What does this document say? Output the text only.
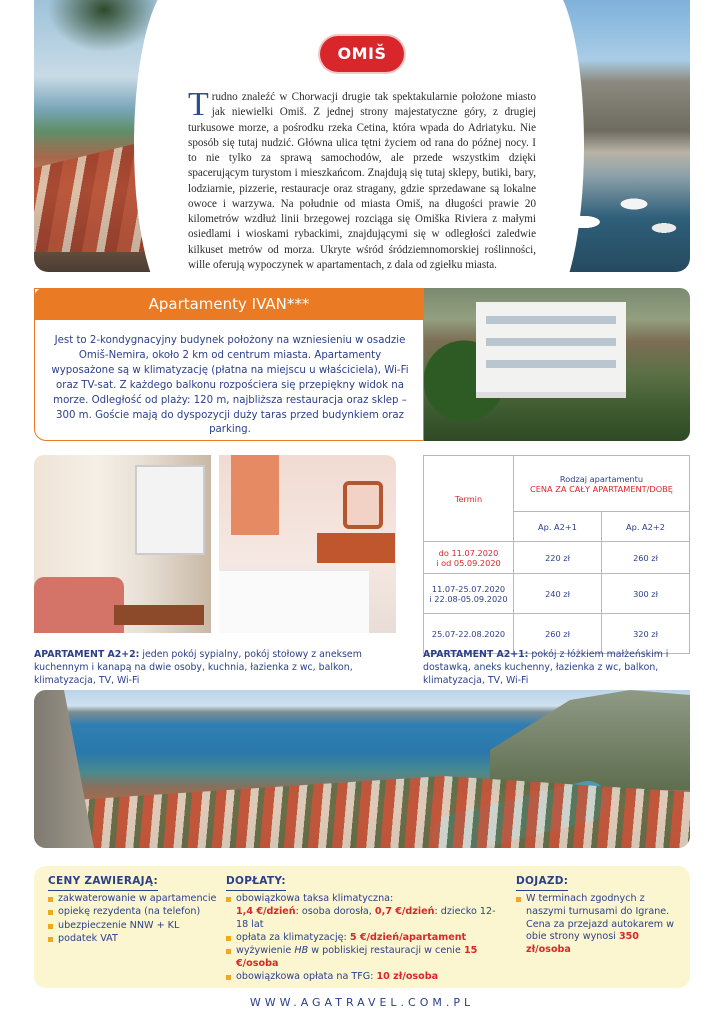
OMIŠ
Trudno znaleźć w Chorwacji drugie tak spektakularnie położone miasto jak niewielki Omiš. Z jednej strony majestatyczne góry, z drugiej turkusowe morze, a pośrodku rzeka Cetina, która wpada do Adriatyku. Nie sposób się tutaj nudzić. Główna ulica tętni życiem od rana do późnej nocy. I to nie tylko za sprawą samochodów, ale przede wszystkim dzięki spacerującym turystom i mieszkańcom. Znajdują się tutaj sklepy, butiki, bary, lodziarnie, pizzerie, restauracje oraz stragany, gdzie sprzedawane są lokalne owoce i warzywa. Na południe od miasta Omiš, na długości prawie 20 kilometrów wzdłuż linii brzegowej rozciąga się Omiška Riviera z małymi osiedlami i wioskami rybackimi, znajdującymi się w odległości zaledwie kilkuset metrów od morza. Ukryte wśród śródziemnomorskiej roślinności, wille oferują wypoczynek w apartamentach, z dala od zgiełku miasta.
Apartamenty IVAN***
Jest to 2-kondygnacyjny budynek położony na wzniesieniu w osadzie Omiš-Nemira, około 2 km od centrum miasta. Apartamenty wyposażone są w klimatyzację (płatna na miejscu u właściciela), Wi-Fi oraz TV-sat. Z każdego balkonu rozpościera się przepiękny widok na morze. Odległość od plaży: 120 m, najbliższa restauracja oraz sklep – 300 m. Goście mają do dyspozycji duży taras przed budynkiem oraz parking.
Termin	Rodzaj apartamentu
CENA ZA CAŁY APARTAMENT/DOBĘ	

	Ap. A2+1	Ap. A2+2

do 11.07.2020
i od 05.09.2020	220 zł	260 zł

11.07-25.07.2020
i 22.08-05.09.2020	240 zł	300 zł
25.07-22.08.2020	260 zł	320 zł
APARTAMENT A2+2: jeden pokój sypialny, pokój stołowy z aneksem kuchennym i kanapą na dwie osoby, kuchnia, łazienka z wc, balkon, klimatyzacja, TV, Wi-Fi
APARTAMENT A2+1: pokój z łóżkiem małżeńskim i dostawką, aneks kuchenny, łazienka z wc, balkon, klimatyzacja, TV, Wi-Fi
CENY ZAWIERAJĄ:
zakwaterowanie w apartamencie
opiekę rezydenta (na telefon)
ubezpieczenie NNW + KL
podatek VAT
DOPŁATY:
obowiązkowa taksa klimatyczna:
1,4 €/dzień: osoba dorosła, 0,7 €/dzień: dziecko 12-18 lat
opłata za klimatyzację: 5 €/dzień/apartament
wyżywienie HB w pobliskiej restauracji w cenie 15 €/osoba
obowiązkowa opłata na TFG: 10 zł/osoba
DOJAZD:
W terminach zgodnych z naszymi turnusami do Igrane. Cena za przejazd autokarem w obie strony wynosi 350 zł/osoba
WWW.AGATRAVEL.COM.PL
